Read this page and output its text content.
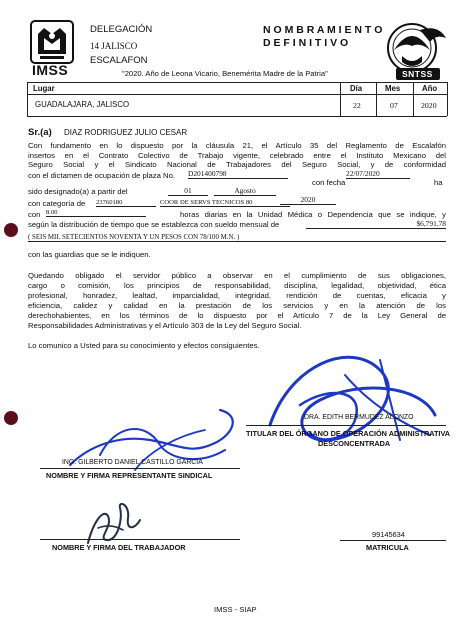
IMSS
DELEGACIÓN
14 JALISCO
ESCALAFON
N O M B R A M I E N T O
D E F I N I T I V O
"2020. Año de Leona Vicario, Benemérita Madre de la Patria"	SNTSS
Lugar	Día	Mes	Año
GUADALAJARA, JALISCO	22	07	2020
Sr.(a) DIAZ RODRIGUEZ JULIO CESAR
Con fundamento en lo dispuesto por la cláusula 21, el Artículo 35 del Reglamento de Escalafón
insertos en el Contrato Colectivo de Trabajo vigente, celebrado entre el Instituto Mexicano del
Seguro Social y el Sindicato Nacional de Trabajadores del Seguro Social, y de conformidad
con el dictamen de ocupación de plaza No. D201400798
con fecha
22/07/2020
ha
sido designado(a) a partir del	01	Agosto
2020
con categoría de 23760180	COOR DE SERVS TECNICOS 80
con 8.00	horas diarias en la Unidad Médica o Dependencia que se indique, y
según la distribución de tiempo que se establezca con sueldo mensual de	$6,791.78
( SEIS MIL SETECIENTOS NOVENTA Y UN PESOS CON 78/100 M.N. )
con las guardias que se le indiquen.
Quedando obligado el servidor público a observar en el cumplimiento de sus obligaciones,
cargo o comisión, los principios de responsabilidad, disciplina, legalidad, objetividad, ética
profesional, honradez, lealtad, imparcialidad, integridad, rendición de cuentas, eficacia y
eficiencia, calidez y calidad en la prestación de los servicios y en la atención de los
derechohabientes, en los términos de lo dispuesto por el Artículo 7 de la Ley General de
Responsabilidades Administrativas y el Artículo 303 de la Ley del Seguro Social.
Lo comunico a Usted para su conocimiento y efectos consiguientes.
DRA. EDITH BERMUDEZ ALONZO
TITULAR DEL ÓRGANO DE OPERACIÓN ADMINISTRATIVA
DESCONCENTRADA
ING. GILBERTO DANIEL CASTILLO GARCIA
NOMBRE Y FIRMA REPRESENTANTE SINDICAL
NOMBRE Y FIRMA DEL TRABAJADOR
99145634
MATRICULA
IMSS - SIAP
